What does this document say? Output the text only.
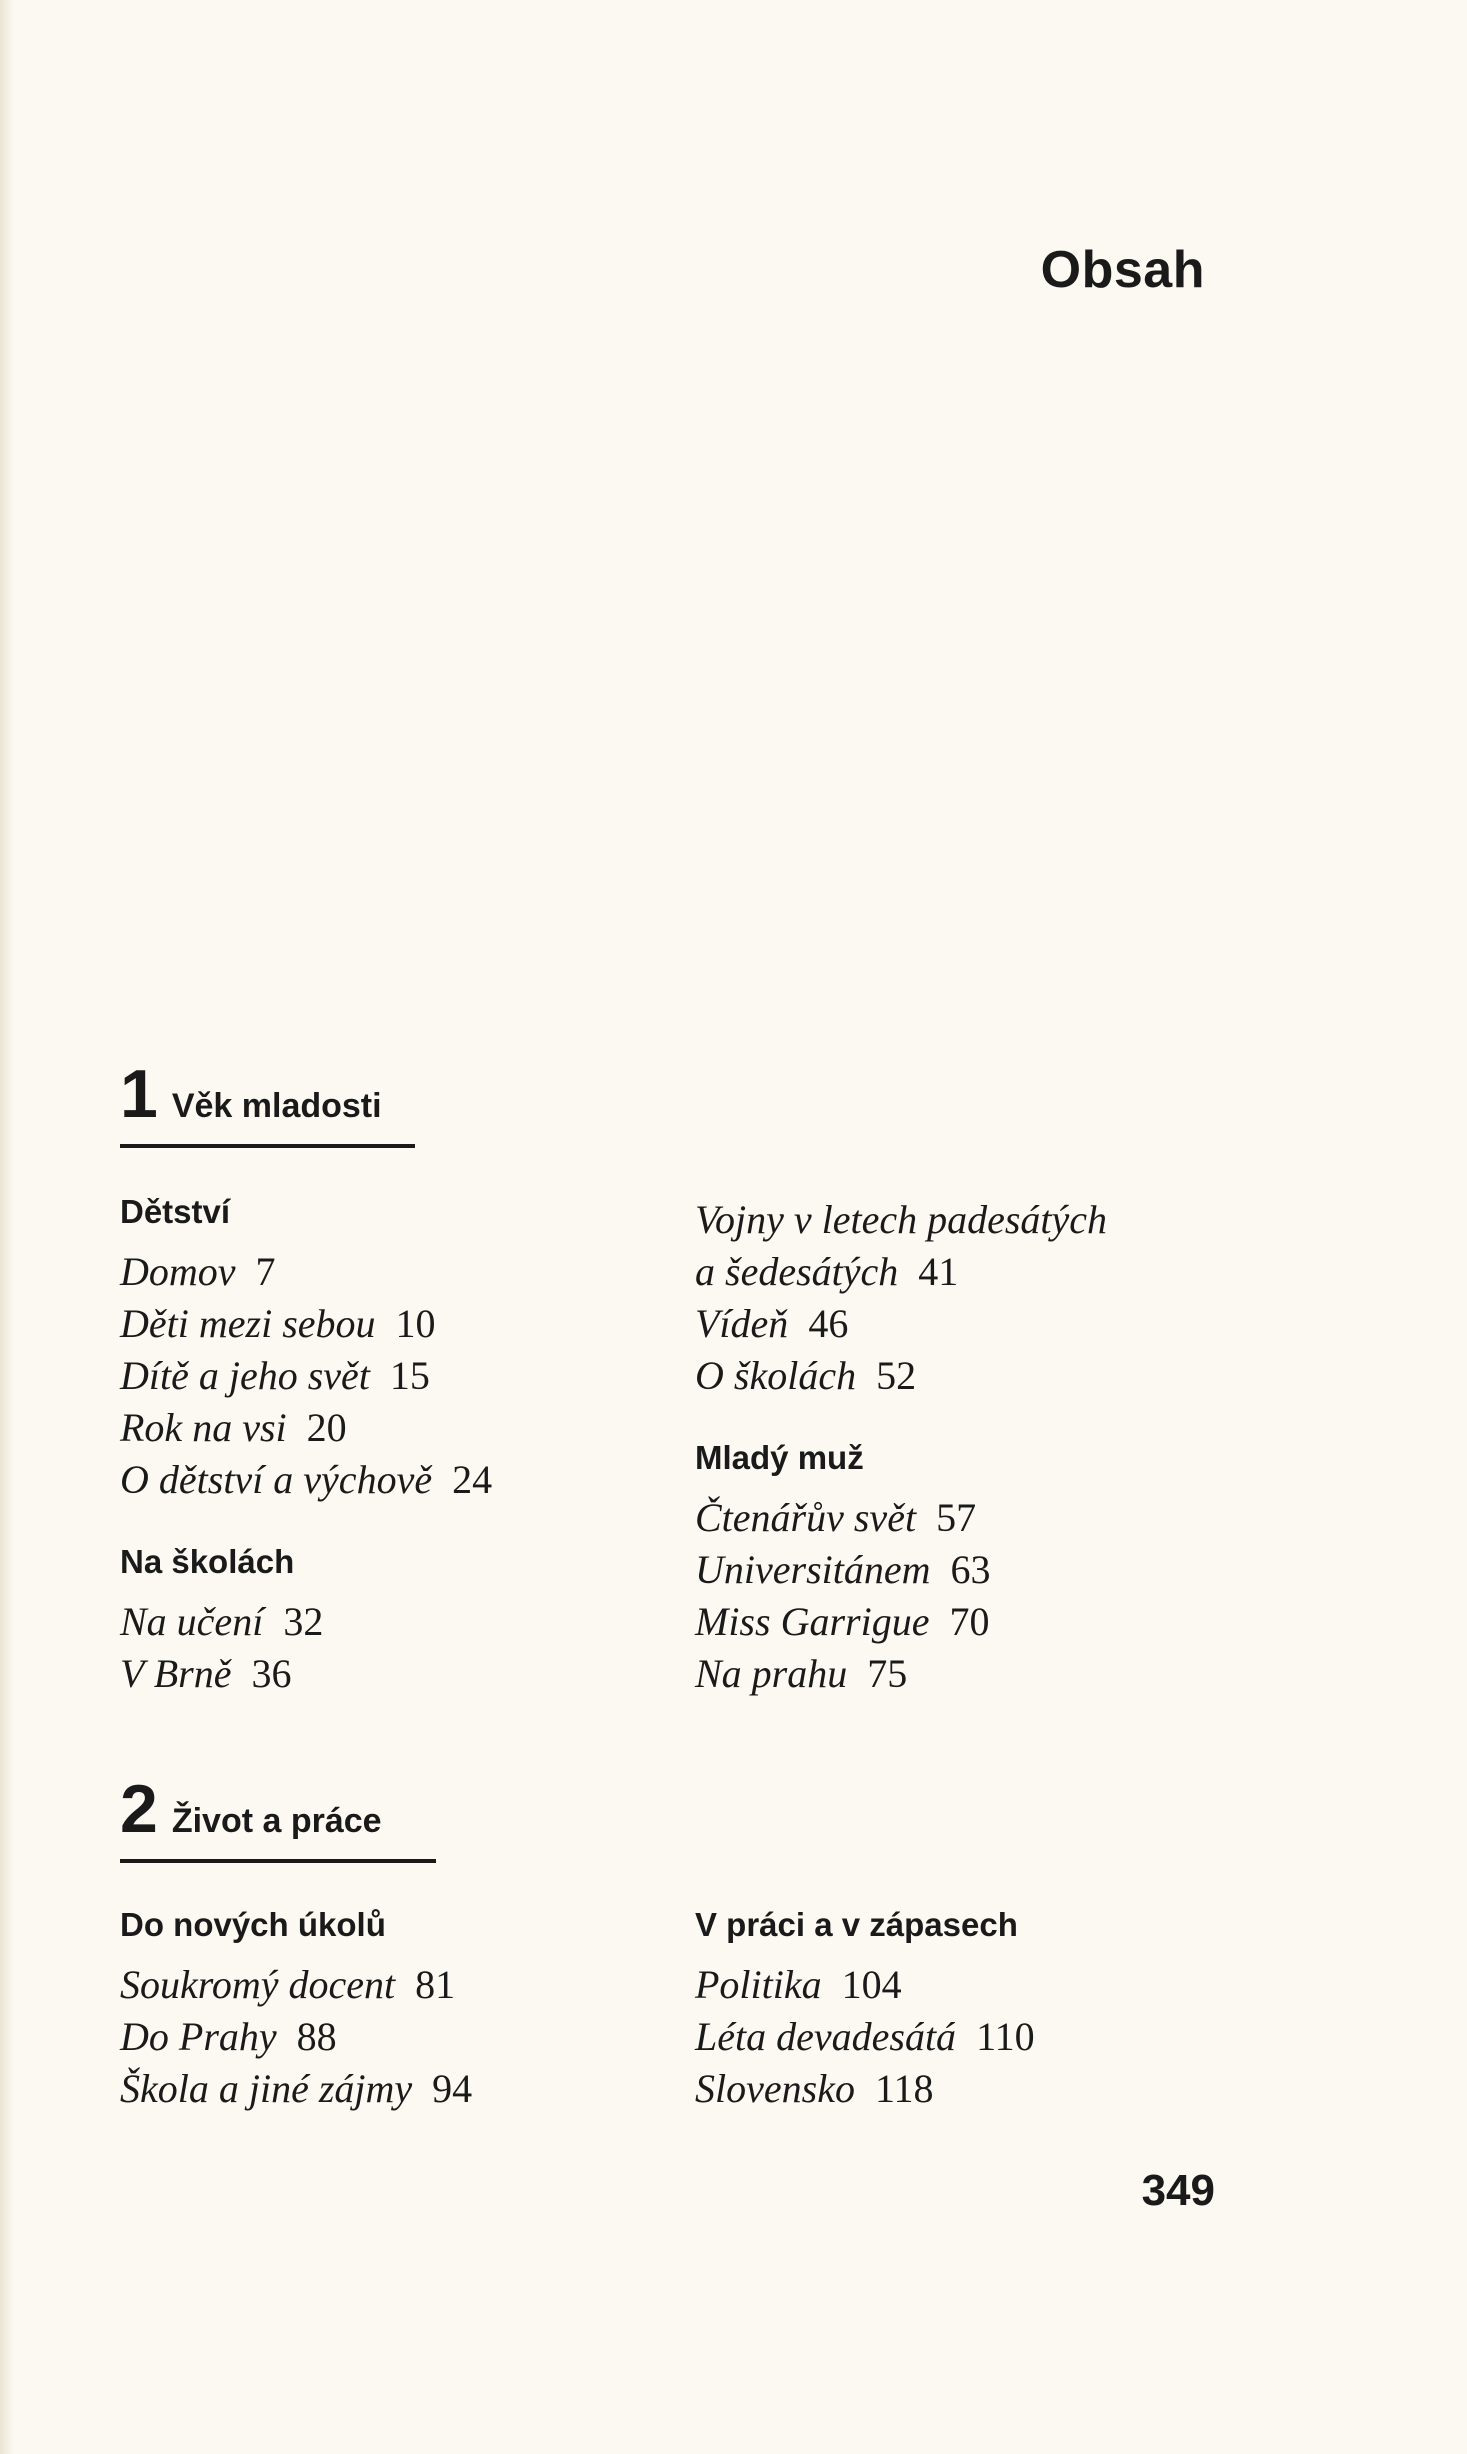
Obsah
1 Věk mladosti
Dětství
Domov 7
Děti mezi sebou 10
Dítě a jeho svět 15
Rok na vsi 20
O dětství a výchově 24
Na školách
Na učení 32
V Brně 36
Vojny v letech padesátých
a šedesátých 41
Vídeň 46
O školách 52
Mladý muž
Čtenářův svět 57
Universitánem 63
Miss Garrigue 70
Na prahu 75
2 Život a práce
Do nových úkolů
Soukromý docent 81
Do Prahy 88
Škola a jiné zájmy 94
V práci a v zápasech
Politika 104
Léta devadesátá 110
Slovensko 118
349
